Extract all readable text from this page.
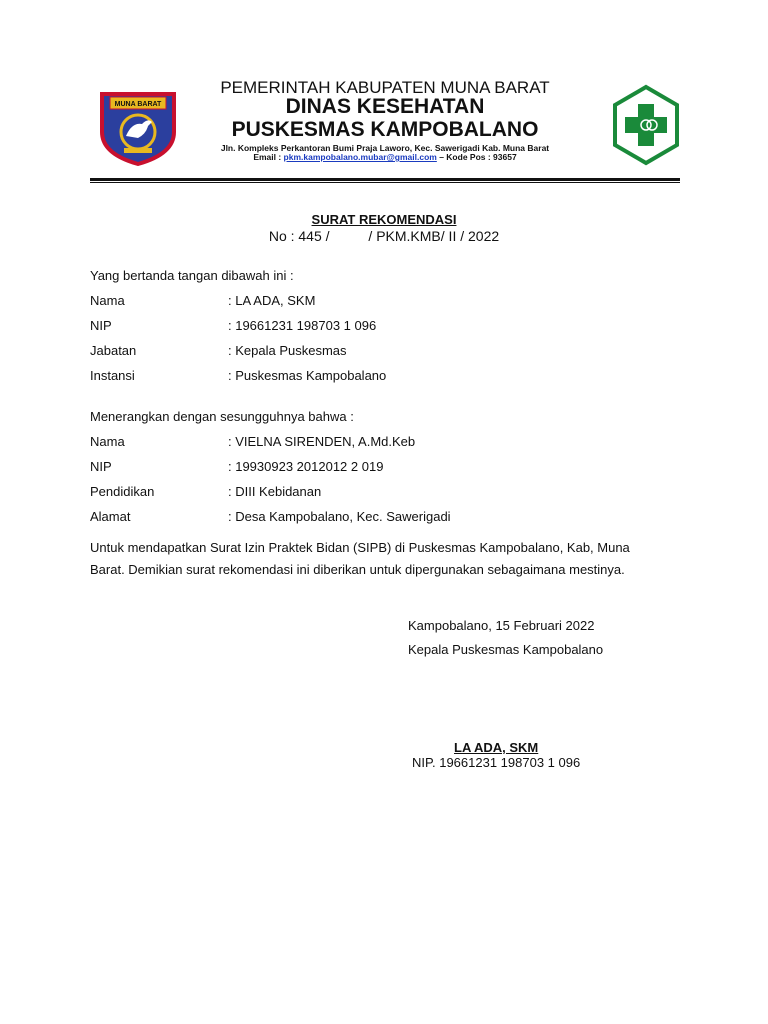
MUNA BARAT
PEMERINTAH KABUPATEN MUNA BARAT
DINAS KESEHATAN
PUSKESMAS KAMPOBALANO
Jln. Kompleks Perkantoran Bumi Praja Laworo, Kec. Sawerigadi Kab. Muna Barat
Email : pkm.kampobalano.mubar@gmail.com – Kode Pos : 93657
SURAT REKOMENDASI
No : 445 /          / PKM.KMB/ II / 2022
Yang bertanda tangan dibawah ini :
Nama	: LA ADA, SKM
NIP	: 19661231 198703 1 096
Jabatan	: Kepala Puskesmas
Instansi	: Puskesmas Kampobalano
Menerangkan dengan sesungguhnya bahwa :
Nama	: VIELNA SIRENDEN, A.Md.Keb
NIP	: 19930923 2012012 2 019
Pendidikan	: DIII Kebidanan
Alamat	: Desa Kampobalano, Kec. Sawerigadi
Untuk mendapatkan Surat Izin Praktek Bidan (SIPB) di Puskesmas Kampobalano, Kab, Muna
Barat. Demikian surat rekomendasi ini diberikan untuk dipergunakan sebagaimana mestinya.
Kampobalano, 15 Februari 2022
Kepala Puskesmas Kampobalano
LA ADA, SKM
NIP. 19661231 198703 1 096
